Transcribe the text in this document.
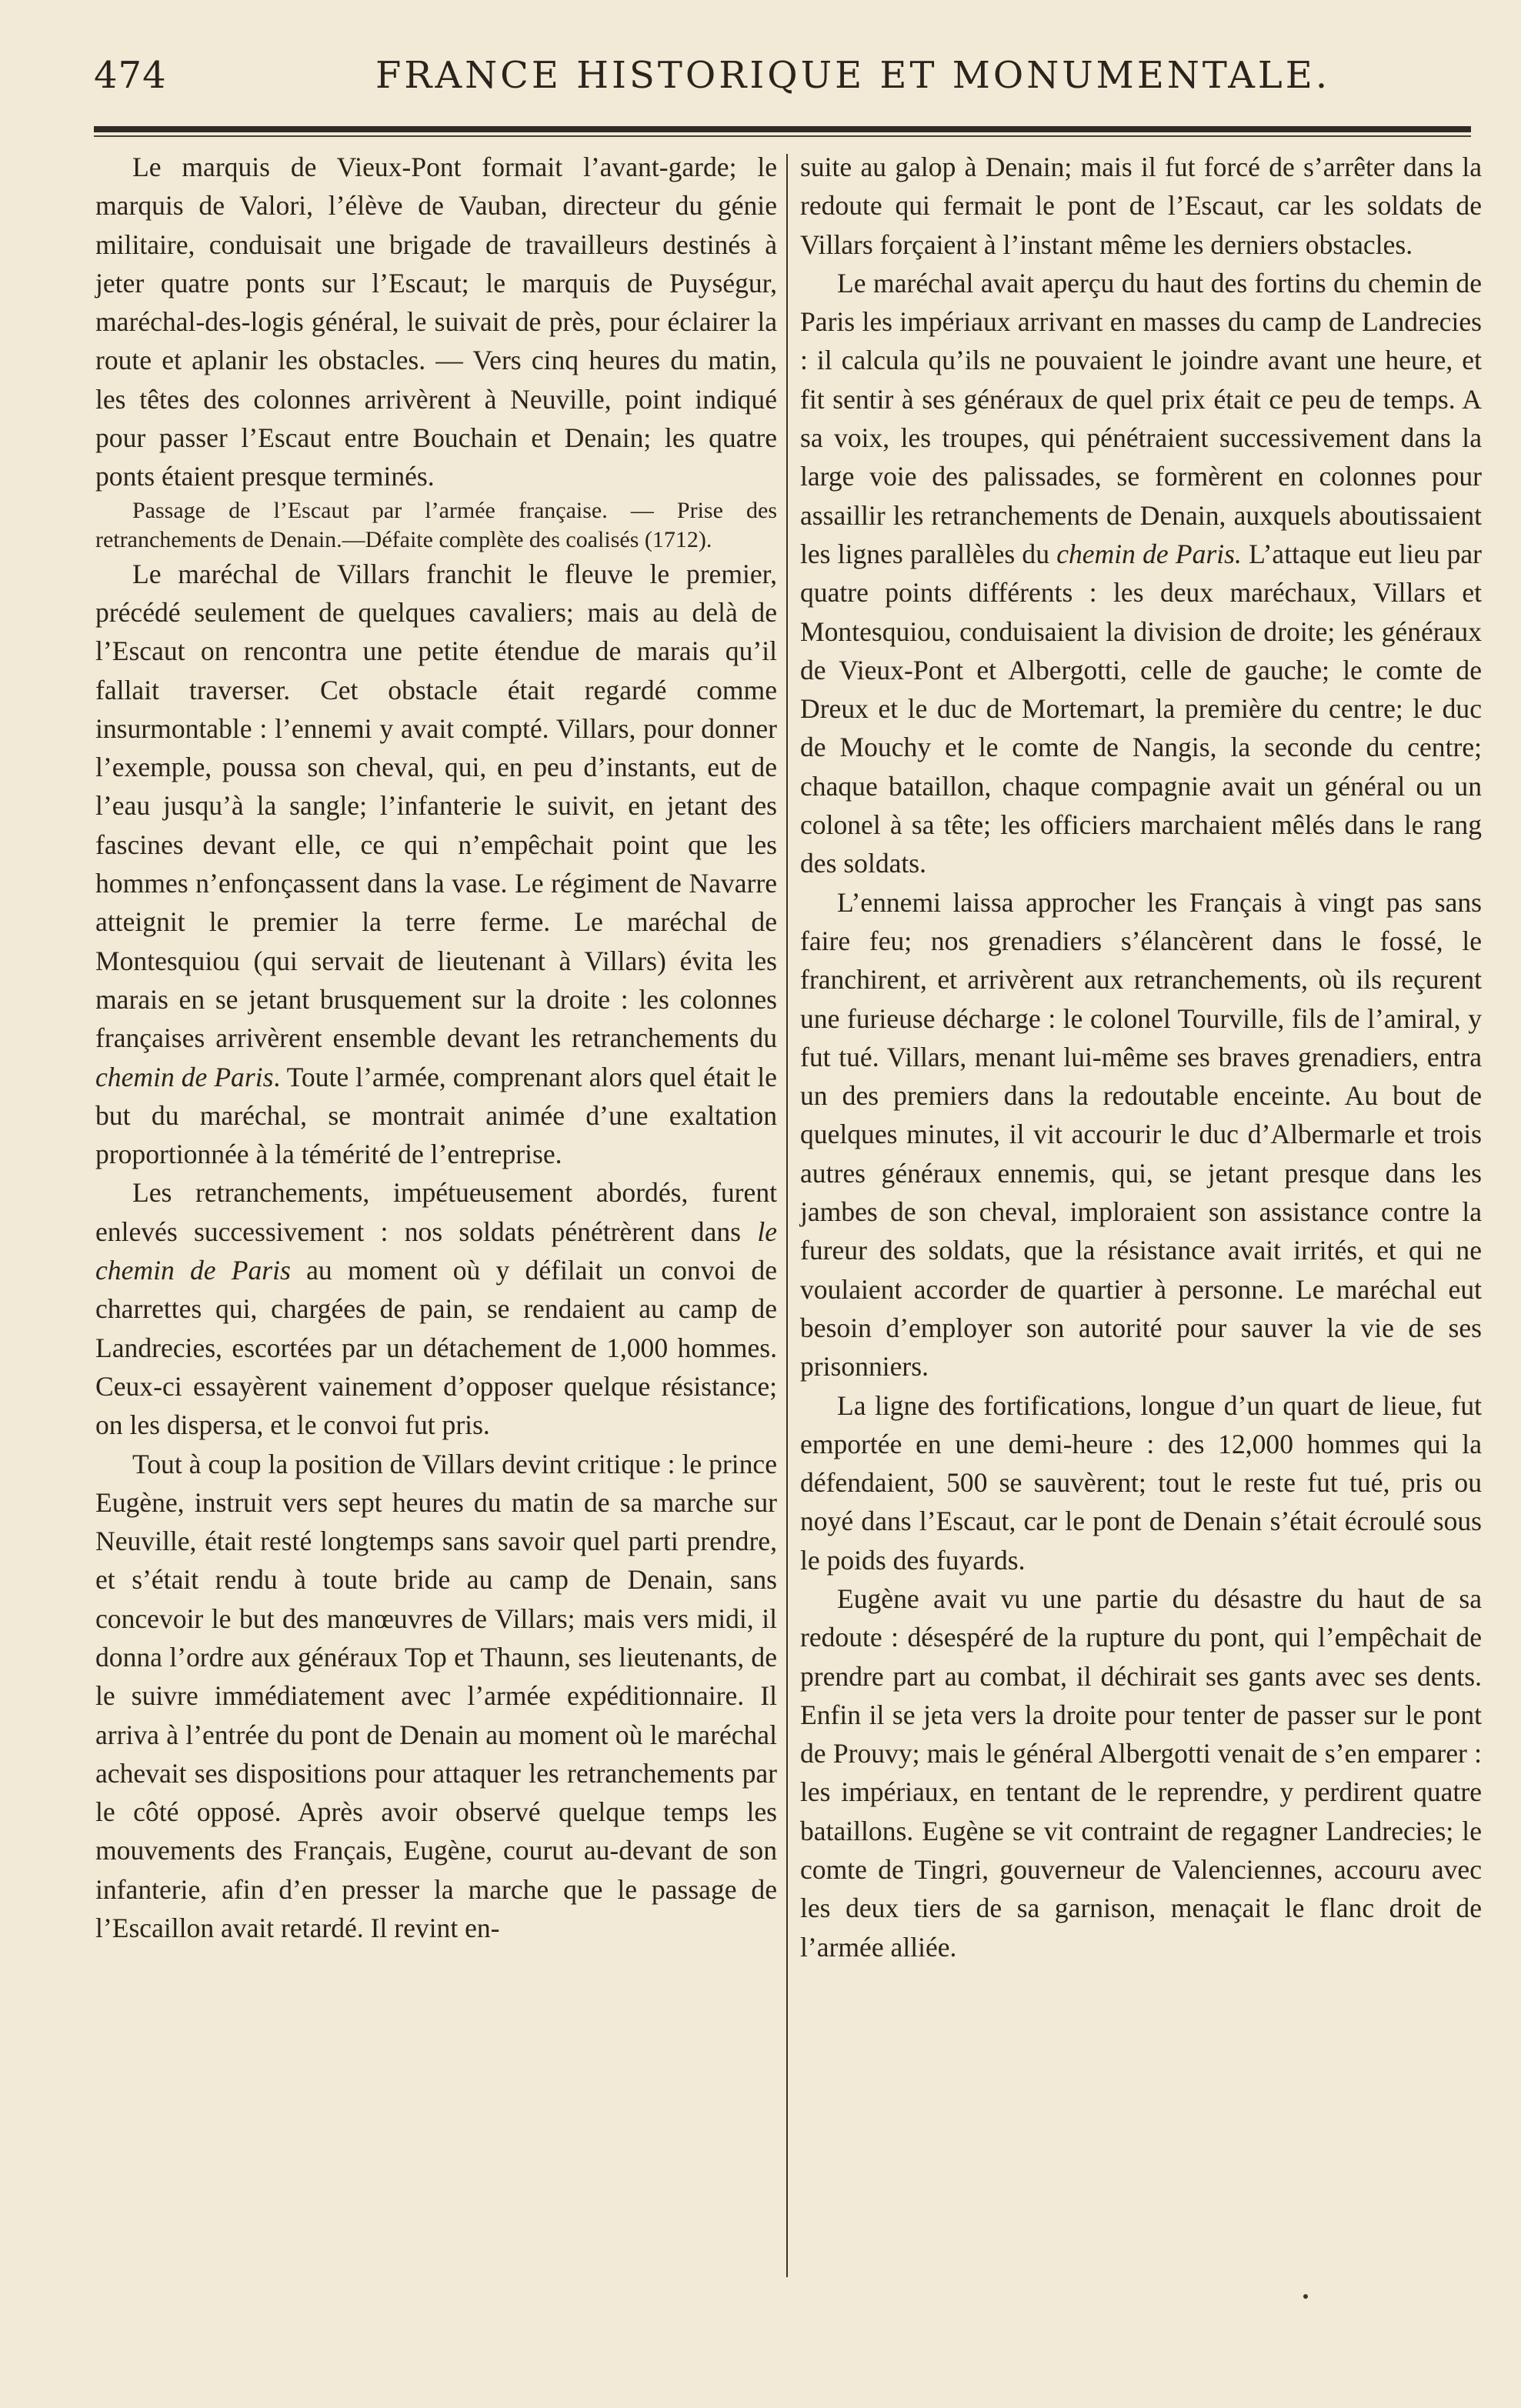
474	FRANCE HISTORIQUE ET MONUMENTALE.

Le marquis de Vieux-Pont formait l’avant-garde; le marquis de Valori, l’élève de Vauban, directeur du génie militaire, conduisait une brigade de travailleurs destinés à jeter quatre ponts sur l’Escaut; le marquis de Puységur, maréchal-des-logis général, le suivait de près, pour éclairer la route et aplanir les obstacles. — Vers cinq heures du matin, les têtes des colonnes arrivèrent à Neuville, point indiqué pour passer l’Escaut entre Bouchain et Denain; les quatre ponts étaient presque terminés.

Passage de l’Escaut par l’armée française. — Prise des retranchements de Denain.—Défaite complète des coalisés (1712).

Le maréchal de Villars franchit le fleuve le premier, précédé seulement de quelques cavaliers; mais au delà de l’Escaut on rencontra une petite étendue de marais qu’il fallait traverser. Cet obstacle était regardé comme insurmontable : l’ennemi y avait compté. Villars, pour donner l’exemple, poussa son cheval, qui, en peu d’instants, eut de l’eau jusqu’à la sangle; l’infanterie le suivit, en jetant des fascines devant elle, ce qui n’empêchait point que les hommes n’enfonçassent dans la vase. Le régiment de Navarre atteignit le premier la terre ferme. Le maréchal de Montesquiou (qui servait de lieutenant à Villars) évita les marais en se jetant brusquement sur la droite : les colonnes françaises arrivèrent ensemble devant les retranchements du chemin de Paris. Toute l’armée, comprenant alors quel était le but du maréchal, se montrait animée d’une exaltation proportionnée à la témérité de l’entreprise.

Les retranchements, impétueusement abordés, furent enlevés successivement : nos soldats pénétrèrent dans le chemin de Paris au moment où y défilait un convoi de charrettes qui, chargées de pain, se rendaient au camp de Landrecies, escortées par un détachement de 1,000 hommes. Ceux-ci essayèrent vainement d’opposer quelque résistance; on les dispersa, et le convoi fut pris.

Tout à coup la position de Villars devint critique : le prince Eugène, instruit vers sept heures du matin de sa marche sur Neuville, était resté longtemps sans savoir quel parti prendre, et s’était rendu à toute bride au camp de Denain, sans concevoir le but des manœuvres de Villars; mais vers midi, il donna l’ordre aux généraux Top et Thaunn, ses lieutenants, de le suivre immédiatement avec l’armée expéditionnaire. Il arriva à l’entrée du pont de Denain au moment où le maréchal achevait ses dispositions pour attaquer les retranchements par le côté opposé. Après avoir observé quelque temps les mouvements des Français, Eugène, courut au-devant de son infanterie, afin d’en presser la marche que le passage de l’Escaillon avait retardé. Il revint en-

suite au galop à Denain; mais il fut forcé de s’arrêter dans la redoute qui fermait le pont de l’Escaut, car les soldats de Villars forçaient à l’instant même les derniers obstacles.

Le maréchal avait aperçu du haut des fortins du chemin de Paris les impériaux arrivant en masses du camp de Landrecies : il calcula qu’ils ne pouvaient le joindre avant une heure, et fit sentir à ses généraux de quel prix était ce peu de temps. A sa voix, les troupes, qui pénétraient successivement dans la large voie des palissades, se formèrent en colonnes pour assaillir les retranchements de Denain, auxquels aboutissaient les lignes parallèles du chemin de Paris. L’attaque eut lieu par quatre points différents : les deux maréchaux, Villars et Montesquiou, conduisaient la division de droite; les généraux de Vieux-Pont et Albergotti, celle de gauche; le comte de Dreux et le duc de Mortemart, la première du centre; le duc de Mouchy et le comte de Nangis, la seconde du centre; chaque bataillon, chaque compagnie avait un général ou un colonel à sa tête; les officiers marchaient mêlés dans le rang des soldats.

L’ennemi laissa approcher les Français à vingt pas sans faire feu; nos grenadiers s’élancèrent dans le fossé, le franchirent, et arrivèrent aux retranchements, où ils reçurent une furieuse décharge : le colonel Tourville, fils de l’amiral, y fut tué. Villars, menant lui-même ses braves grenadiers, entra un des premiers dans la redoutable enceinte. Au bout de quelques minutes, il vit accourir le duc d’Albermarle et trois autres généraux ennemis, qui, se jetant presque dans les jambes de son cheval, imploraient son assistance contre la fureur des soldats, que la résistance avait irrités, et qui ne voulaient accorder de quartier à personne. Le maréchal eut besoin d’employer son autorité pour sauver la vie de ses prisonniers.

La ligne des fortifications, longue d’un quart de lieue, fut emportée en une demi-heure : des 12,000 hommes qui la défendaient, 500 se sauvèrent; tout le reste fut tué, pris ou noyé dans l’Escaut, car le pont de Denain s’était écroulé sous le poids des fuyards.

Eugène avait vu une partie du désastre du haut de sa redoute : désespéré de la rupture du pont, qui l’empêchait de prendre part au combat, il déchirait ses gants avec ses dents. Enfin il se jeta vers la droite pour tenter de passer sur le pont de Prouvy; mais le général Albergotti venait de s’en emparer : les impériaux, en tentant de le reprendre, y perdirent quatre bataillons. Eugène se vit contraint de regagner Landrecies; le comte de Tingri, gouverneur de Valenciennes, accouru avec les deux tiers de sa garnison, menaçait le flanc droit de l’armée alliée.
